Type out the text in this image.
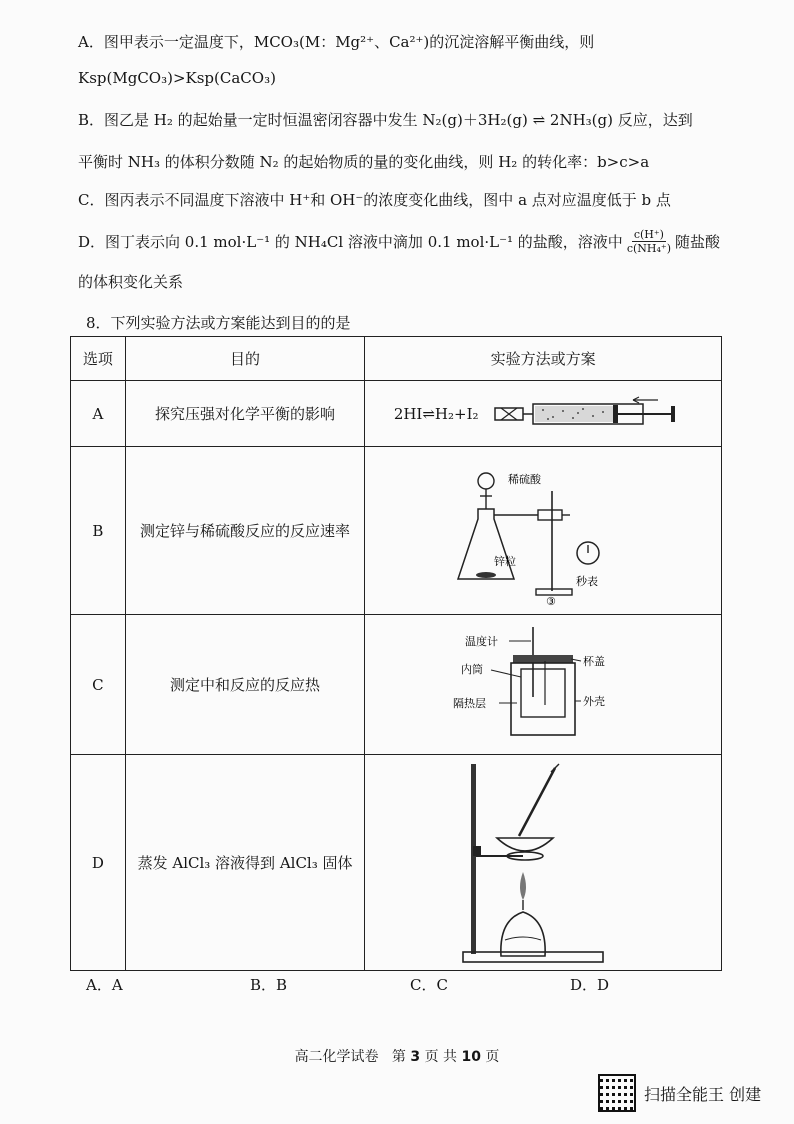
A．图甲表示一定温度下，MCO₃(M：Mg²⁺、Ca²⁺)的沉淀溶解平衡曲线，则
Ksp(MgCO₃)>Ksp(CaCO₃)
B．图乙是 H₂ 的起始量一定时恒温密闭容器中发生 N₂(g)＋3H₂(g) ⇌ 2NH₃(g) 反应，达到
平衡时 NH₃ 的体积分数随 N₂ 的起始物质的量的变化曲线，则 H₂ 的转化率：b>c>a
C．图丙表示不同温度下溶液中 H⁺和 OH⁻的浓度变化曲线，图中 a 点对应温度低于 b 点
D．图丁表示向 0.1 mol·L⁻¹ 的 NH₄Cl 溶液中滴加 0.1 mol·L⁻¹ 的盐酸，溶液中 $\frac{c(H^+)}{\text{c(NH₄⁺)}}$ 随盐酸
的体积变化关系
8．下列实验方法或方案能达到目的的是
选项	目的	实验方法或方案
A	探究压强对化学平衡的影响	2HI⇌H₂+I₂

B	测定锌与稀硫酸反应的反应速率	稀硫酸
锌粒
秒表
③

C	测定中和反应的反应热	温度计
内筒
杯盖
隔热层 外壳

D	蒸发 AlCl₃ 溶液得到 AlCl₃ 固体	
A．A	B．B	C．C	D．D
高二化学试卷 第 3 页 共 10 页
扫描全能王 创建
